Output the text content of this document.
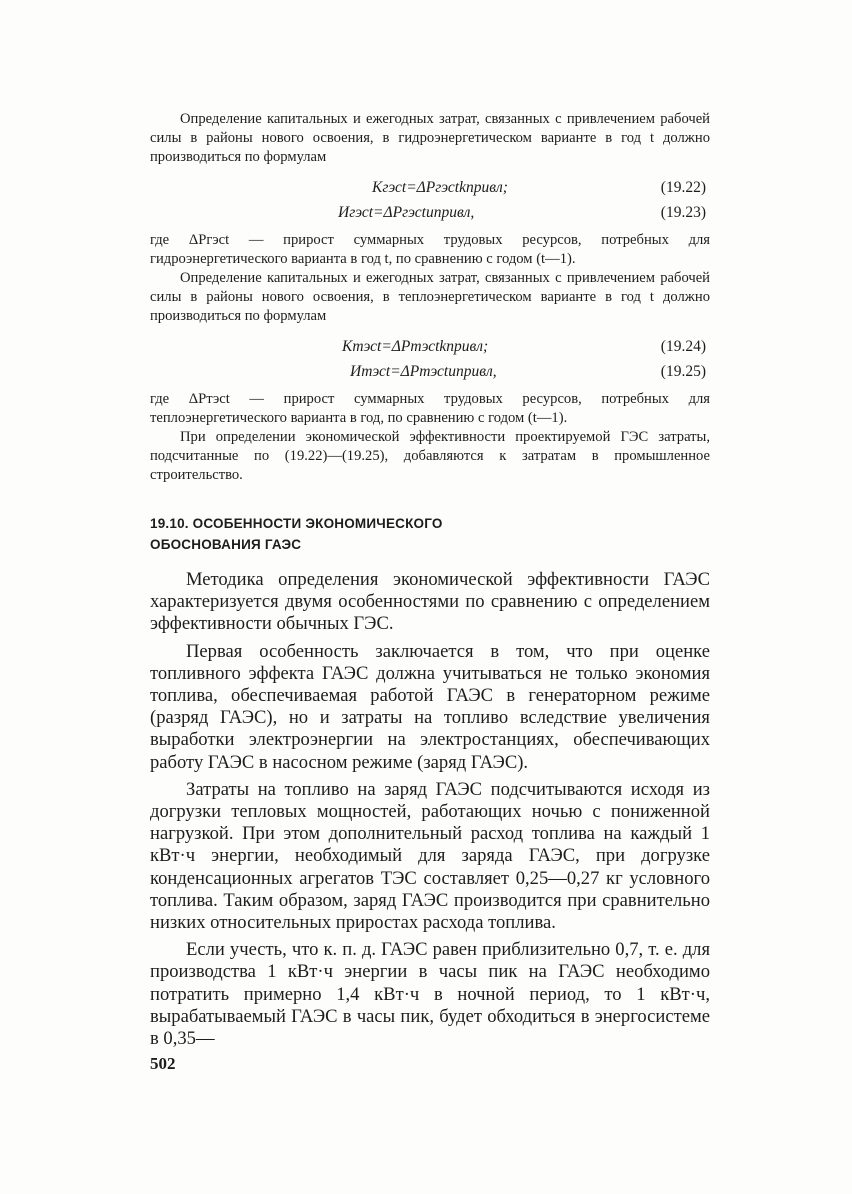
Определение капитальных и ежегодных затрат, связанных с привлечением рабочей силы в районы нового освоения, в гидроэнергетическом варианте в год t должно производиться по формулам

Kгэсt=ΔPгэсtkпривл;	(19.22)
Игэсt=ΔPгэсtuпривл,	(19.23)

где ΔPгэсt — прирост суммарных трудовых ресурсов, потребных для гидроэнергетического варианта в год t, по сравнению с годом (t—1).

Определение капитальных и ежегодных затрат, связанных с привлечением рабочей силы в районы нового освоения, в теплоэнергетическом варианте в год t должно производиться по формулам

Kтэсt=ΔPтэсtkпривл;	(19.24)
Итэсt=ΔPтэсtuпривл,	(19.25)

где ΔPтэсt — прирост суммарных трудовых ресурсов, потребных для теплоэнергетического варианта в год, по сравнению с годом (t—1).

При определении экономической эффективности проектируемой ГЭС затраты, подсчитанные по (19.22)—(19.25), добавляются к затратам в промышленное строительство.

19.10. ОСОБЕННОСТИ ЭКОНОМИЧЕСКОГО
ОБОСНОВАНИЯ ГАЭС

Методика определения экономической эффективности ГАЭС характеризуется двумя особенностями по сравнению с определением эффективности обычных ГЭС.

Первая особенность заключается в том, что при оценке топливного эффекта ГАЭС должна учитываться не только экономия топлива, обеспечиваемая работой ГАЭС в генераторном режиме (разряд ГАЭС), но и затраты на топливо вследствие увеличения выработки электроэнергии на электростанциях, обеспечивающих работу ГАЭС в насосном режиме (заряд ГАЭС).

Затраты на топливо на заряд ГАЭС подсчитываются исходя из догрузки тепловых мощностей, работающих ночью с пониженной нагрузкой. При этом дополнительный расход топлива на каждый 1 кВт·ч энергии, необходимый для заряда ГАЭС, при догрузке конденсационных агрегатов ТЭС составляет 0,25—0,27 кг условного топлива. Таким образом, заряд ГАЭС производится при сравнительно низких относительных приростах расхода топлива.

Если учесть, что к. п. д. ГАЭС равен приблизительно 0,7, т. е. для производства 1 кВт·ч энергии в часы пик на ГАЭС необходимо потратить примерно 1,4 кВт·ч в ночной период, то 1 кВт·ч, вырабатываемый ГАЭС в часы пик, будет обходиться в энергосистеме в 0,35—

502
